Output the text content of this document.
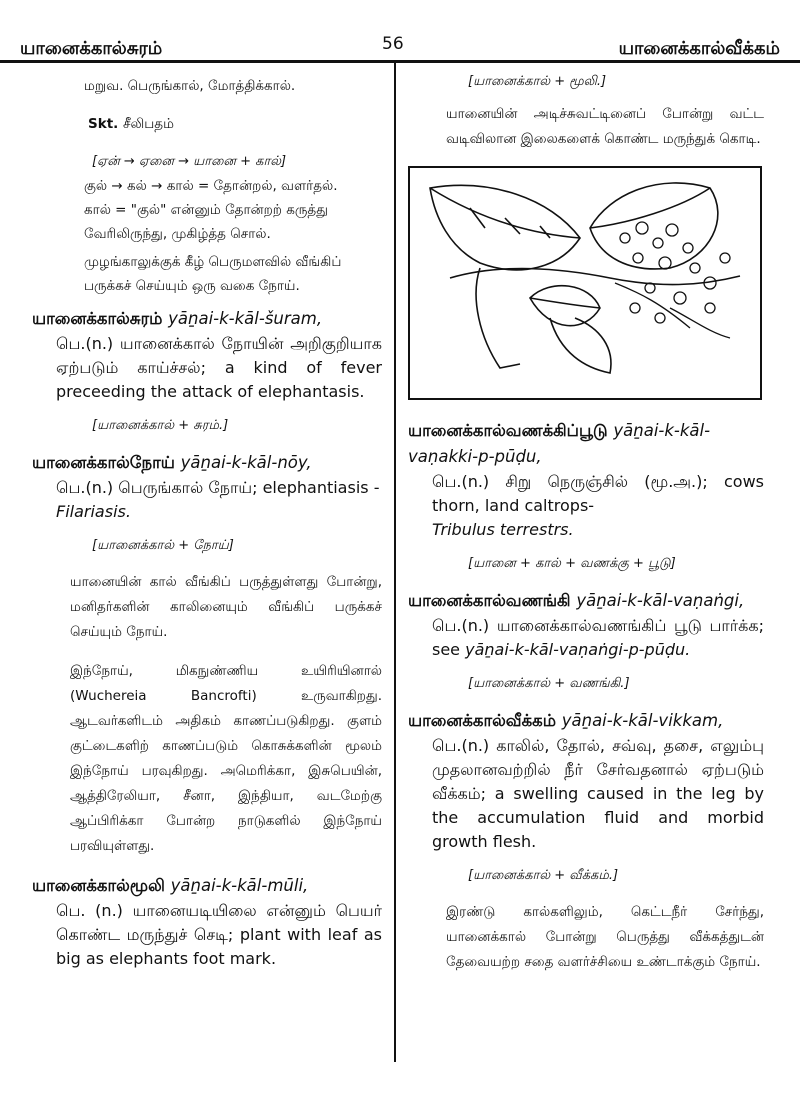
யானைக்கால்சுரம்	56	யானைக்கால்வீக்கம்

மறுவ. பெருங்கால், மோத்திக்கால்.

Skt. சீலிபதம்

[ஏன் → ஏனை → யானை + கால்]

குல் → கல் → கால் = தோன்றல், வளர்தல்.

கால் = "குல்" என்னும் தோன்றற் கருத்து வேரிலிருந்து, முகிழ்த்த சொல்.

முழங்காலுக்குக் கீழ் பெருமளவில் வீங்கிப் பருக்கச் செய்யும் ஒரு வகை நோய்.

யானைக்கால்சுரம் yāṉai-k-kāl-šuram,

பெ.(n.) யானைக்கால் நோயின் அறிகுறியாக ஏற்படும் காய்ச்சல்; a kind of fever preceeding the attack of elephantasis.

[யானைக்கால் + சுரம்.]

யானைக்கால்நோய் yāṉai-k-kāl-nōy,

பெ.(n.) பெருங்கால் நோய்; elephantiasis -
Filariasis.

[யானைக்கால் + நோய்]

யானையின் கால் வீங்கிப் பருத்துள்ளது போன்று, மனிதர்களின் காலினையும் வீங்கிப் பருக்கச் செய்யும் நோய்.

இந்நோய், மிகநுண்ணிய உயிரியினால் (Wuchereia Bancrofti) உருவாகிறது. ஆடவர்களிடம் அதிகம் காணப்படுகிறது. குளம் குட்டைகளிற் காணப்படும் கொசுக்களின் மூலம் இந்நோய் பரவுகிறது. அமெரிக்கா, இசுபெயின், ஆத்திரேலியா, சீனா, இந்தியா, வடமேற்கு ஆப்பிரிக்கா போன்ற நாடுகளில் இந்நோய் பரவியுள்ளது.

யானைக்கால்மூலி yāṉai-k-kāl-mūli,

பெ. (n.) யானையடியிலை என்னும் பெயர் கொண்ட மருந்துச் செடி; plant with leaf as big as elephants foot mark.

[யானைக்கால் + மூலி.]

யானையின் அடிச்சுவட்டினைப் போன்று வட்ட வடிவிலான இலைகளைக் கொண்ட மருந்துக் கொடி.

யானைக்கால்வணக்கிப்பூடு yāṉai-k-kāl-vaṇakki-p-pūḍu,

பெ.(n.) சிறு நெருஞ்சில் (மூ.அ.); cows thorn, land caltrops-
Tribulus terrestrs.

[யானை + கால் + வணக்கு + பூடு]

யானைக்கால்வணங்கி yāṉai-k-kāl-vaṇaṅgi,

பெ.(n.) யானைக்கால்வணங்கிப் பூடு பார்க்க; see yāṉai-k-kāl-vaṇaṅgi-p-pūḍu.

[யானைக்கால் + வணங்கி.]

யானைக்கால்வீக்கம் yāṉai-k-kāl-vikkam,

பெ.(n.) காலில், தோல், சவ்வு, தசை, எலும்பு முதலானவற்றில் நீர் சேர்வதனால் ஏற்படும் வீக்கம்; a swelling caused in the leg by the accumulation fluid and morbid growth flesh.

[யானைக்கால் + வீக்கம்.]

இரண்டு கால்களிலும், கெட்டநீர் சேர்ந்து, யானைக்கால் போன்று பெருத்து வீக்கத்துடன் தேவையற்ற சதை வளர்ச்சியை உண்டாக்கும் நோய்.
